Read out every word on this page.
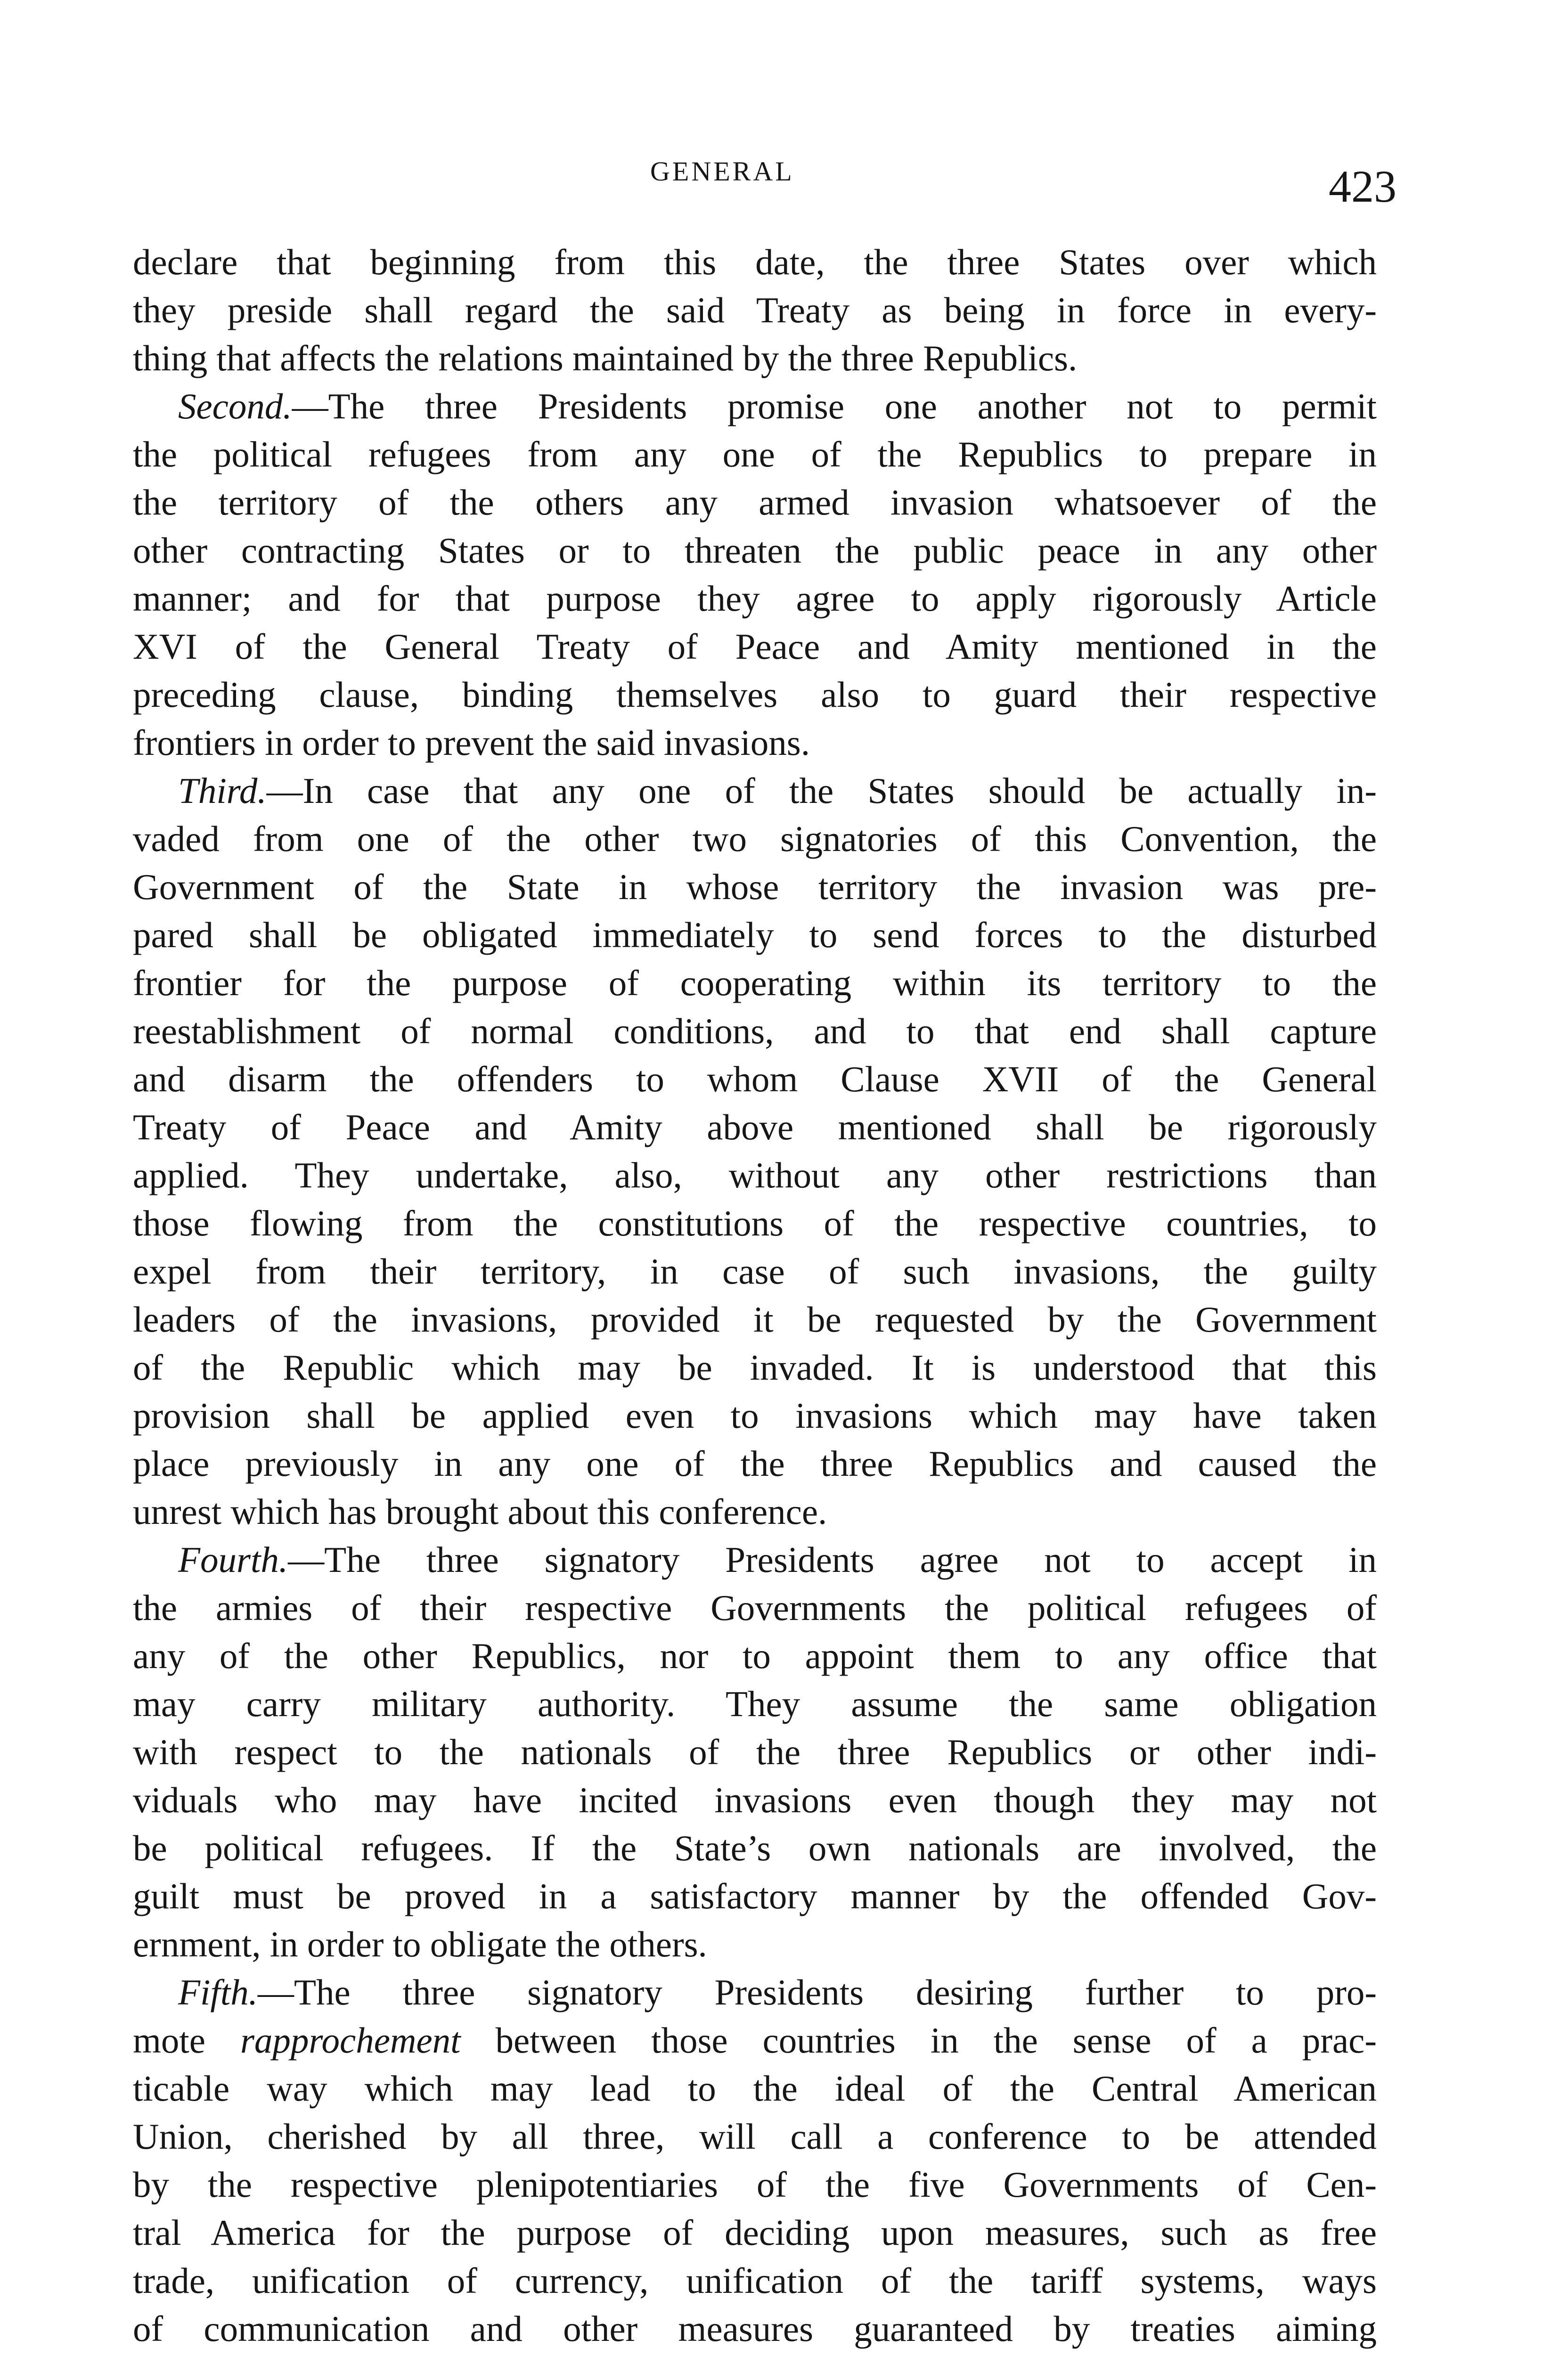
GENERAL	423
declare that beginning from this date, the three States over which
they preside shall regard the said Treaty as being in force in every-
thing that affects the relations maintained by the three Republics.
Second.—The three Presidents promise one another not to permit
the political refugees from any one of the Republics to prepare in
the territory of the others any armed invasion whatsoever of the
other contracting States or to threaten the public peace in any other
manner; and for that purpose they agree to apply rigorously Article
XVI of the General Treaty of Peace and Amity mentioned in the
preceding clause, binding themselves also to guard their respective
frontiers in order to prevent the said invasions.
Third.—In case that any one of the States should be actually in-
vaded from one of the other two signatories of this Convention, the
Government of the State in whose territory the invasion was pre-
pared shall be obligated immediately to send forces to the disturbed
frontier for the purpose of cooperating within its territory to the
reestablishment of normal conditions, and to that end shall capture
and disarm the offenders to whom Clause XVII of the General
Treaty of Peace and Amity above mentioned shall be rigorously
applied. They undertake, also, without any other restrictions than
those flowing from the constitutions of the respective countries, to
expel from their territory, in case of such invasions, the guilty
leaders of the invasions, provided it be requested by the Government
of the Republic which may be invaded. It is understood that this
provision shall be applied even to invasions which may have taken
place previously in any one of the three Republics and caused the
unrest which has brought about this conference.
Fourth.—The three signatory Presidents agree not to accept in
the armies of their respective Governments the political refugees of
any of the other Republics, nor to appoint them to any office that
may carry military authority. They assume the same obligation
with respect to the nationals of the three Republics or other indi-
viduals who may have incited invasions even though they may not
be political refugees. If the State’s own nationals are involved, the
guilt must be proved in a satisfactory manner by the offended Gov-
ernment, in order to obligate the others.
Fifth.—The three signatory Presidents desiring further to pro-
mote rapprochement between those countries in the sense of a prac-
ticable way which may lead to the ideal of the Central American
Union, cherished by all three, will call a conference to be attended
by the respective plenipotentiaries of the five Governments of Cen-
tral America for the purpose of deciding upon measures, such as free
trade, unification of currency, unification of the tariff systems, ways
of communication and other measures guaranteed by treaties aiming
